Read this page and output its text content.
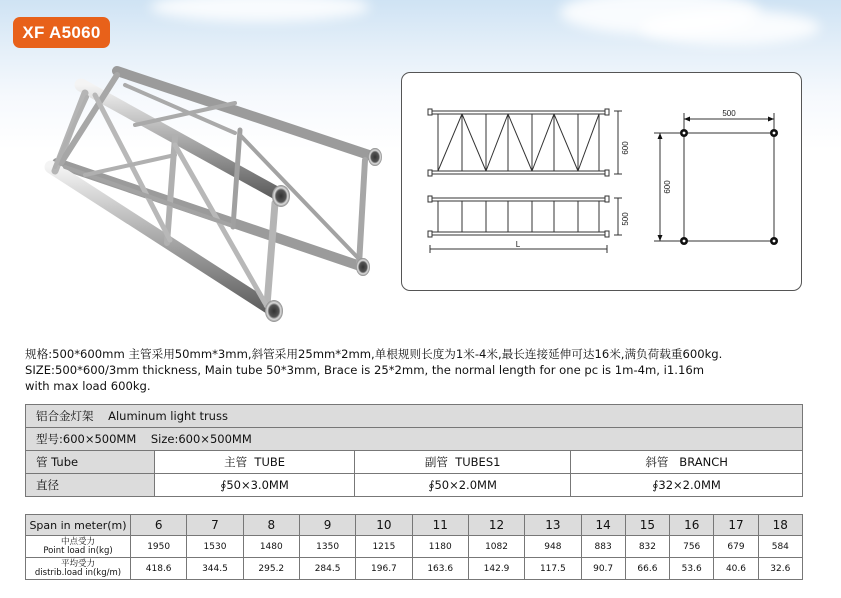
XF A5060
600
500
L
500
600
规格:500*600mm 主管采用50mm*3mm,斜管采用25mm*2mm,单根规则长度为1米-4米,最长连接延伸可达16米,满负荷载重600kg.
SIZE:500*600/3mm thickness, Main tube 50*3mm, Brace is 25*2mm, the normal length for one pc is 1m-4m, i1.16m
with max load 600kg.
铝合金灯架    Aluminum light truss			
型号:600×500MM    Size:600×500MM			
管 Tube	主管  TUBE	副管  TUBES1	斜管   BRANCH
直径	∮50×3.0MM	∮50×2.0MM	∮32×2.0MM
Span in meter(m)	6	7	8	9	10	11	12	13	14	15	16	17	18

中点受力
Point load in(kg)	1950	1530	1480	1350	1215	1180	1082	948	883	832	756	679	584

平均受力
distrib.load in(kg/m)	418.6	344.5	295.2	284.5	196.7	163.6	142.9	117.5	90.7	66.6	53.6	40.6	32.6
